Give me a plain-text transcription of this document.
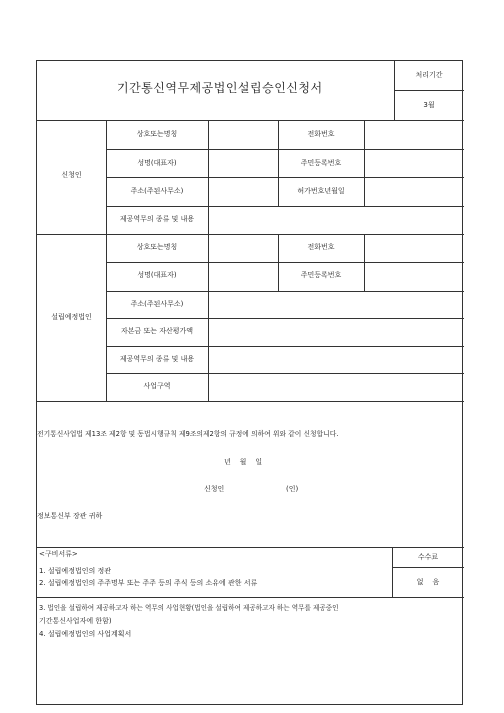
기간통신역무제공법인설립승인신청서
처리기간
3월
신청인
상호또는명칭	전화번호
성명(대표자)	주민등록번호
주소(주된사무소)	허가번호년월일
제공역무의 종류 및 내용
설립예정법인
상호또는명칭	전화번호
성명(대표자)	주민등록번호
주소(주된사무소)
자본금 또는 자산평가액
제공역무의 종류 및 내용
사업구역
전기통신사업법 제13조 제2항 및 동법시행규칙 제9조의제2항의 규정에 의하여 위와 같이 신청합니다.
년    월    일
신청인	(인)
정보통신부 장관 귀하
<구비서류>
1. 설립예정법인의 정관
2. 설립예정법인의 주주명부 또는 주주 등의 주식 등의 소유에 관한 서류
수수료
없    음
3. 법인을 설립하여 제공하고자 하는 역무의 사업현황(법인을 설립하여 제공하고자 하는 역무를 제공중인
기간통신사업자에 한함)
4. 설립예정법인의 사업계획서
